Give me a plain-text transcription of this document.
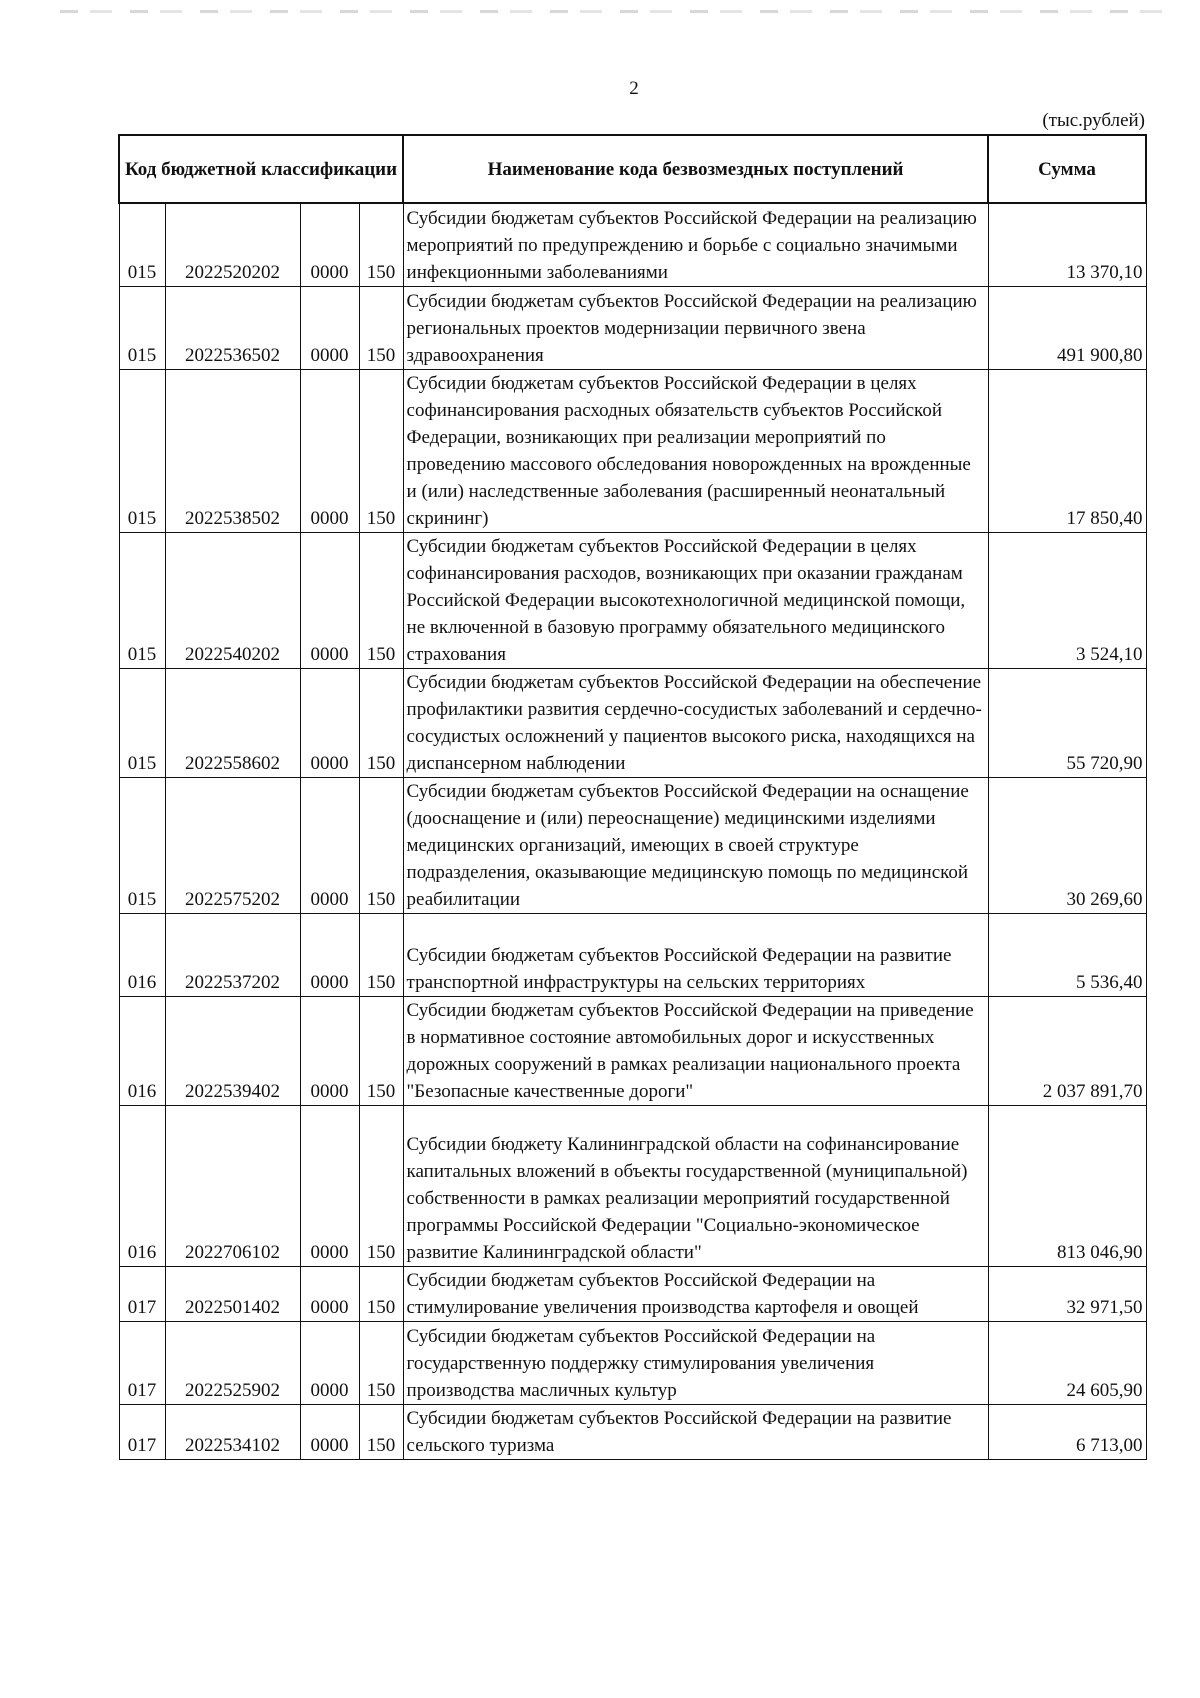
2
(тыс.рублей)
Код бюджетной классификации				Наименование кода безвозмездных поступлений	Сумма
015	2022520202	0000	150	Субсидии бюджетам субъектов Российской Федерации на реализацию мероприятий по предупреждению и борьбе с социально значимыми инфекционными заболеваниями	13 370,10
015	2022536502	0000	150	Субсидии бюджетам субъектов Российской Федерации на реализацию региональных проектов модернизации первичного звена здравоохранения	491 900,80
015	2022538502	0000	150	Субсидии бюджетам субъектов Российской Федерации в целях софинансирования расходных обязательств субъектов Российской Федерации, возникающих при реализации мероприятий по проведению массового обследования новорожденных на врожденные и (или) наследственные заболевания (расширенный неонатальный скрининг)	17 850,40
015	2022540202	0000	150	Субсидии бюджетам субъектов Российской Федерации в целях софинансирования расходов, возникающих при оказании гражданам Российской Федерации высокотехнологичной медицинской помощи, не включенной в базовую программу обязательного медицинского страхования	3 524,10
015	2022558602	0000	150	Субсидии бюджетам субъектов Российской Федерации на обеспечение профилактики развития сердечно-сосудистых заболеваний и сердечно-сосудистых осложнений у пациентов высокого риска, находящихся на диспансерном наблюдении	55 720,90
015	2022575202	0000	150	Субсидии бюджетам субъектов Российской Федерации на оснащение (дооснащение и (или) переоснащение) медицинскими изделиями медицинских организаций, имеющих в своей структуре подразделения, оказывающие медицинскую помощь по медицинской реабилитации	30 269,60
016	2022537202	0000	150	Субсидии бюджетам субъектов Российской Федерации на развитие транспортной инфраструктуры на сельских территориях	5 536,40
016	2022539402	0000	150	Субсидии бюджетам субъектов Российской Федерации на приведение в нормативное состояние автомобильных дорог и искусственных дорожных сооружений в рамках реализации национального проекта "Безопасные качественные дороги"	2 037 891,70
016	2022706102	0000	150	Субсидии бюджету Калининградской области на софинансирование капитальных вложений в объекты государственной (муниципальной) собственности в рамках реализации мероприятий государственной программы Российской Федерации "Социально-экономическое развитие Калининградской области"	813 046,90
017	2022501402	0000	150	Субсидии бюджетам субъектов Российской Федерации на стимулирование увеличения производства картофеля и овощей	32 971,50
017	2022525902	0000	150	Субсидии бюджетам субъектов Российской Федерации на государственную поддержку стимулирования увеличения производства масличных культур	24 605,90
017	2022534102	0000	150	Субсидии бюджетам субъектов Российской Федерации на развитие сельского туризма	6 713,00
